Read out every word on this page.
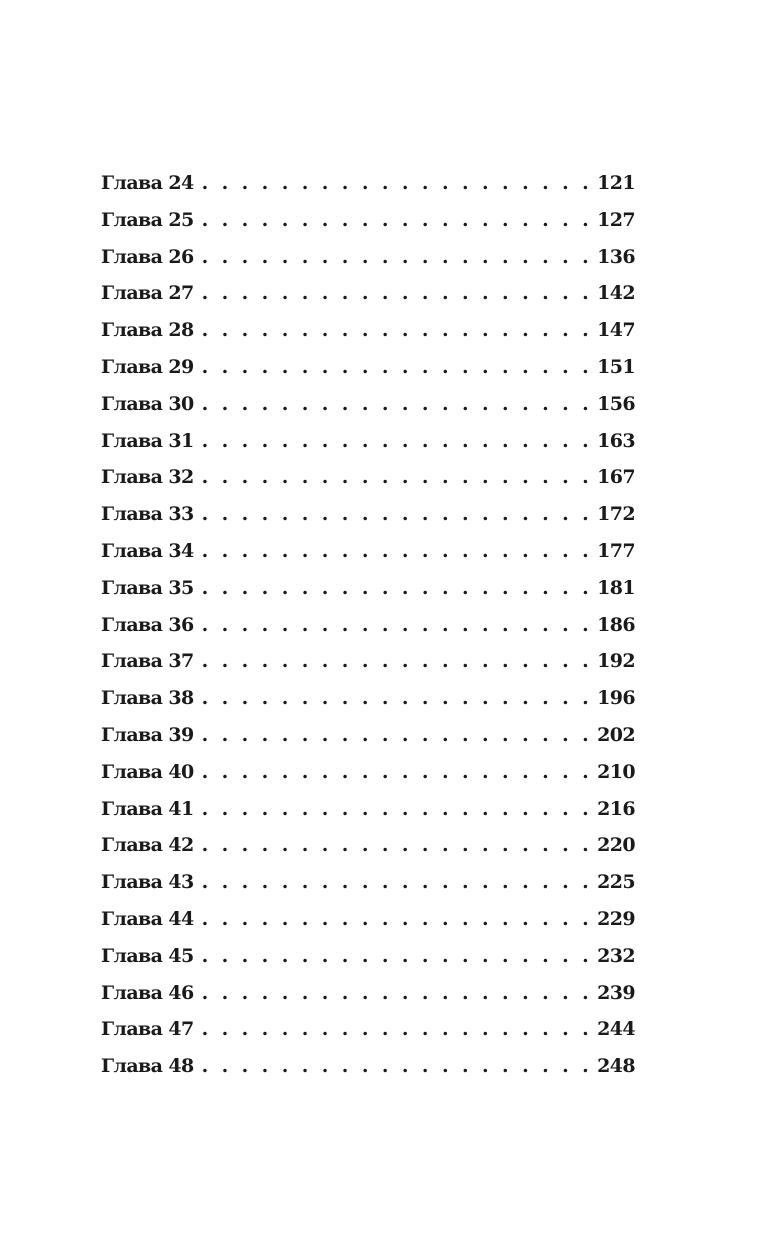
Глава 24 . . .	121
Глава 25 . . .	127
Глава 26 . . .	136
Глава 27 . . .	142
Глава 28 . . .	147
Глава 29 . . .	151
Глава 30 . . .	156
Глава 31 . . .	163
Глава 32 . . .	167
Глава 33 . . .	172
Глава 34 . . .	177
Глава 35 . . .	181
Глава 36 . . .	186
Глава 37 . . .	192
Глава 38 . . .	196
Глава 39 . . .	202
Глава 40 . . .	210
Глава 41 . . .	216
Глава 42 . . .	220
Глава 43 . . .	225
Глава 44 . . .	229
Глава 45 . . .	232
Глава 46 . . .	239
Глава 47 . . .	244
Глава 48 . . .	248
